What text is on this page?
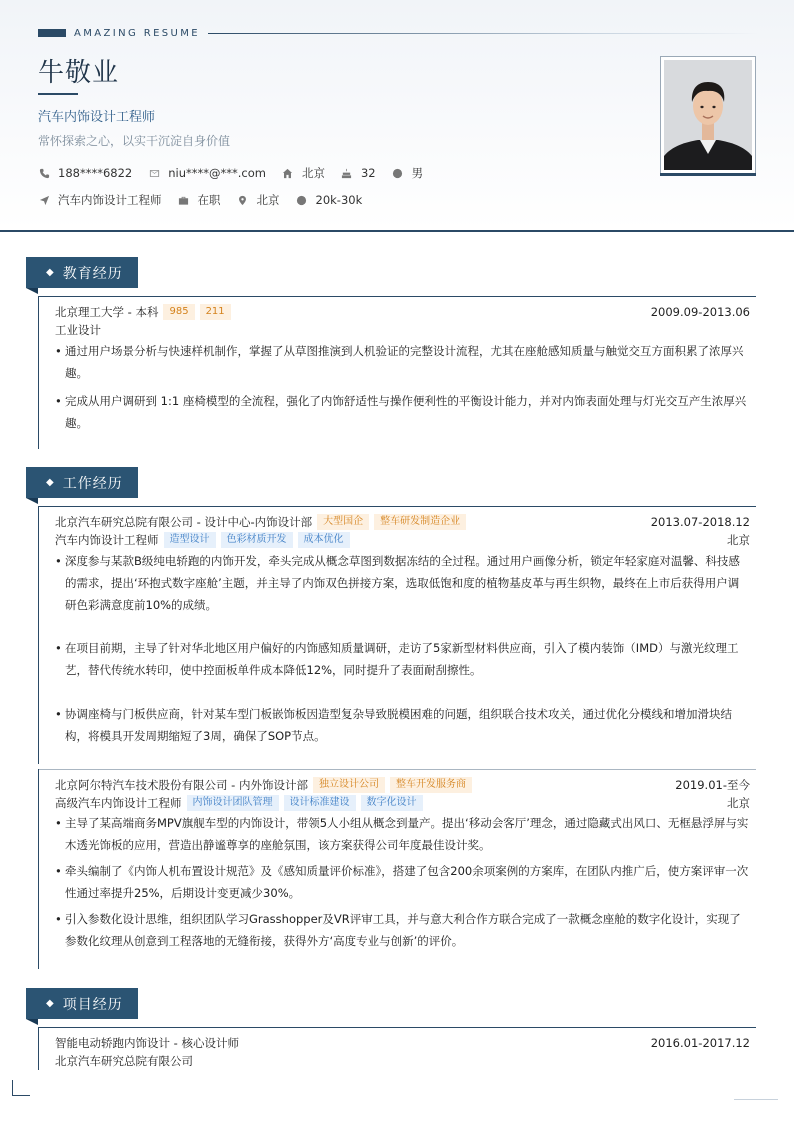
AMAZING RESUME
牛敬业
汽车内饰设计工程师
常怀探索之心，以实干沉淀自身价值
188****6822	niu****@***.com	北京	32	男
汽车内饰设计工程师	在职	北京	20k-30k
◆ 教育经历
北京理工大学 - 本科	985	211	2009.09-2013.06
工业设计
• 通过用户场景分析与快速样机制作，掌握了从草图推演到人机验证的完整设计流程，尤其在座舱感知质量与触觉交互方面积累了浓厚兴趣。
• 完成从用户调研到 1:1 座椅模型的全流程，强化了内饰舒适性与操作便利性的平衡设计能力，并对内饰表面处理与灯光交互产生浓厚兴趣。
◆ 工作经历
北京汽车研究总院有限公司 - 设计中心-内饰设计部	大型国企	整车研发制造企业	2013.07-2018.12
汽车内饰设计工程师	造型设计	色彩材质开发	成本优化	北京
• 深度参与某款B级纯电轿跑的内饰开发，牵头完成从概念草图到数据冻结的全过程。通过用户画像分析，锁定年轻家庭对温馨、科技感的需求，提出‘环抱式数字座舱’主题，并主导了内饰双色拼接方案，选取低饱和度的植物基皮革与再生织物，最终在上市后获得用户调研色彩满意度前10%的成绩。
• 在项目前期，主导了针对华北地区用户偏好的内饰感知质量调研，走访了5家新型材料供应商，引入了模内装饰（IMD）与激光纹理工艺，替代传统水转印，使中控面板单件成本降低12%，同时提升了表面耐刮擦性。
• 协调座椅与门板供应商，针对某车型门板嵌饰板因造型复杂导致脱模困难的问题，组织联合技术攻关，通过优化分模线和增加滑块结构，将模具开发周期缩短了3周，确保了SOP节点。
北京阿尔特汽车技术股份有限公司 - 内外饰设计部	独立设计公司	整车开发服务商	2019.01-至今
高级汽车内饰设计工程师	内饰设计团队管理	设计标准建设	数字化设计	北京
• 主导了某高端商务MPV旗舰车型的内饰设计，带领5人小组从概念到量产。提出‘移动会客厅’理念，通过隐藏式出风口、无框悬浮屏与实木透光饰板的应用，营造出静谧尊享的座舱氛围，该方案获得公司年度最佳设计奖。
• 牵头编制了《内饰人机布置设计规范》及《感知质量评价标准》，搭建了包含200余项案例的方案库，在团队内推广后，使方案评审一次性通过率提升25%，后期设计变更减少30%。
• 引入参数化设计思维，组织团队学习Grasshopper及VR评审工具，并与意大利合作方联合完成了一款概念座舱的数字化设计，实现了参数化纹理从创意到工程落地的无缝衔接，获得外方‘高度专业与创新’的评价。
◆ 项目经历
智能电动轿跑内饰设计 - 核心设计师	2016.01-2017.12
北京汽车研究总院有限公司
